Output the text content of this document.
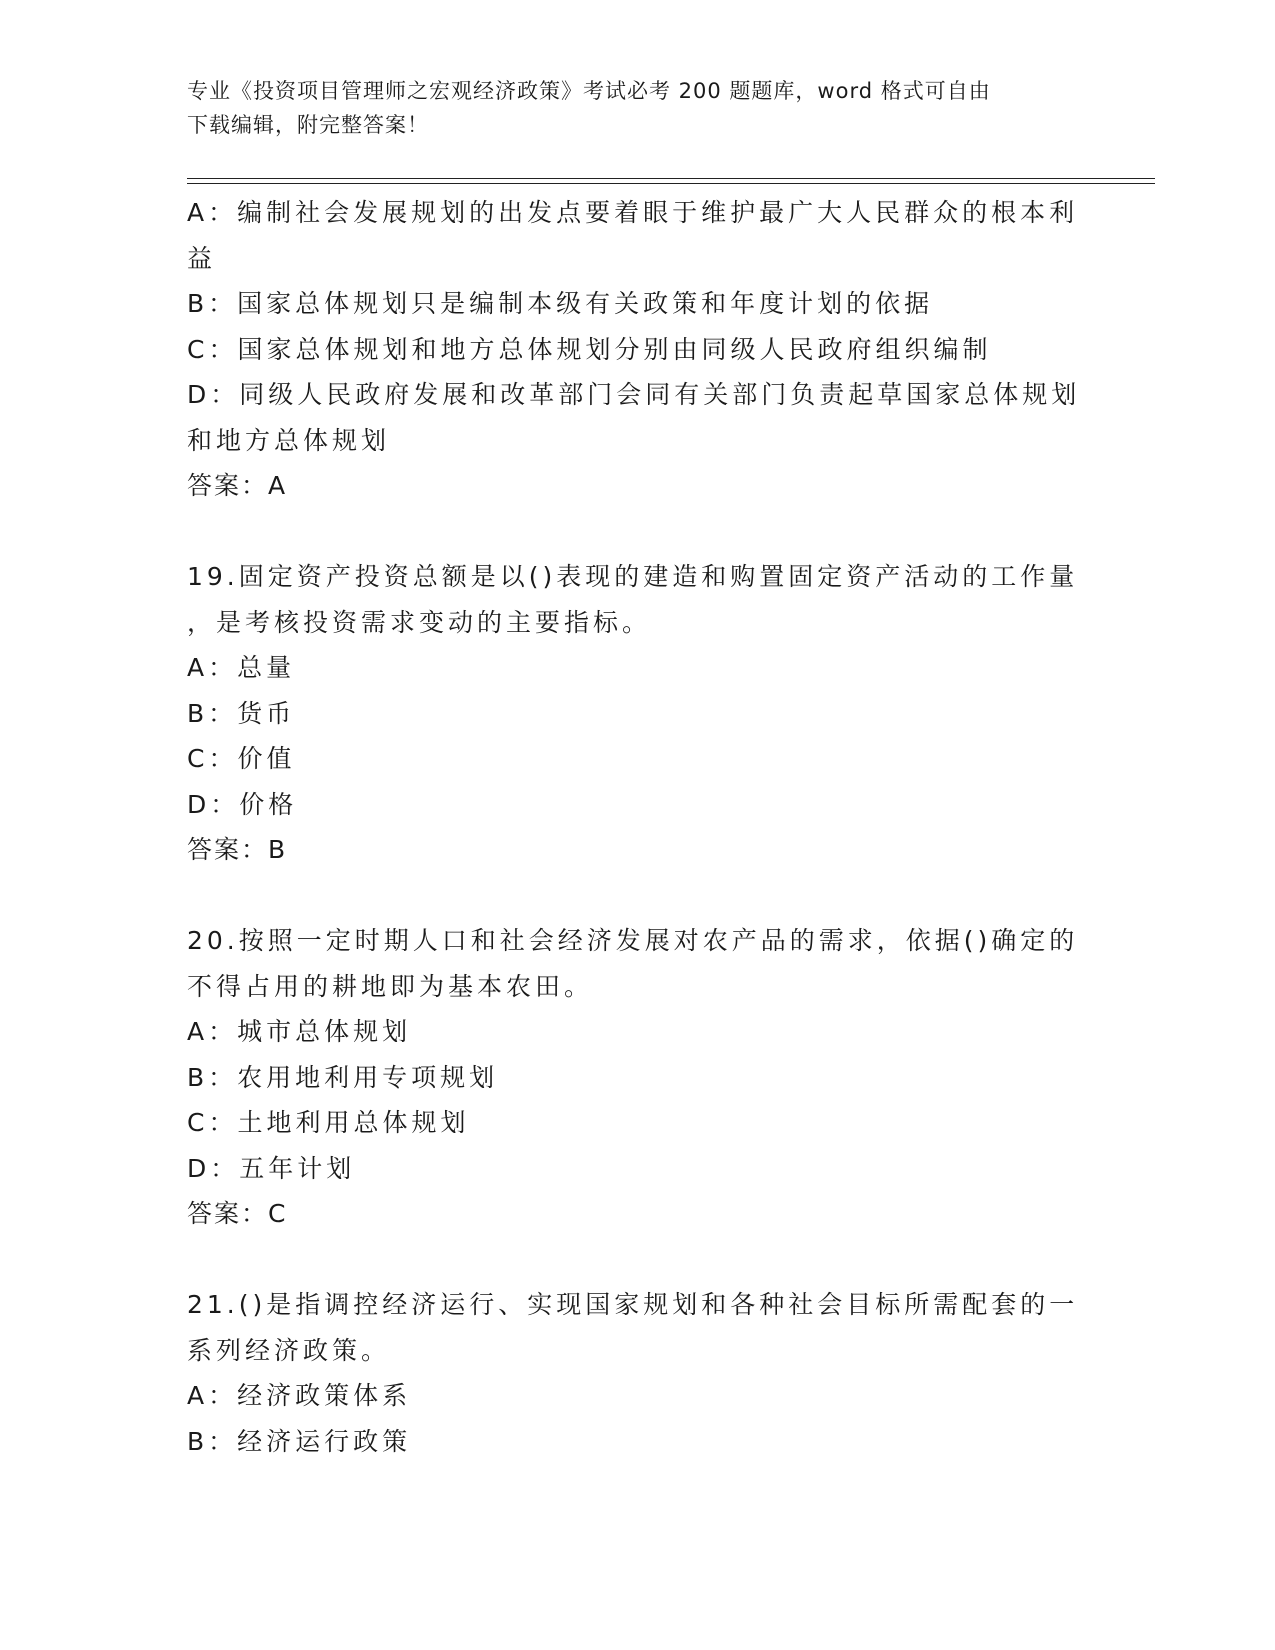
专业《投资项目管理师之宏观经济政策》考试必考 200 题题库，word 格式可自由
下载编辑，附完整答案！
A：编制社会发展规划的出发点要着眼于维护最广大人民群众的根本利
益
B：国家总体规划只是编制本级有关政策和年度计划的依据
C：国家总体规划和地方总体规划分别由同级人民政府组织编制
D：同级人民政府发展和改革部门会同有关部门负责起草国家总体规划
和地方总体规划
答案：A
19.固定资产投资总额是以()表现的建造和购置固定资产活动的工作量
，是考核投资需求变动的主要指标。
A：总量
B：货币
C：价值
D：价格
答案：B
20.按照一定时期人口和社会经济发展对农产品的需求，依据()确定的
不得占用的耕地即为基本农田。
A：城市总体规划
B：农用地利用专项规划
C：土地利用总体规划
D：五年计划
答案：C
21.()是指调控经济运行、实现国家规划和各种社会目标所需配套的一
系列经济政策。
A：经济政策体系
B：经济运行政策
